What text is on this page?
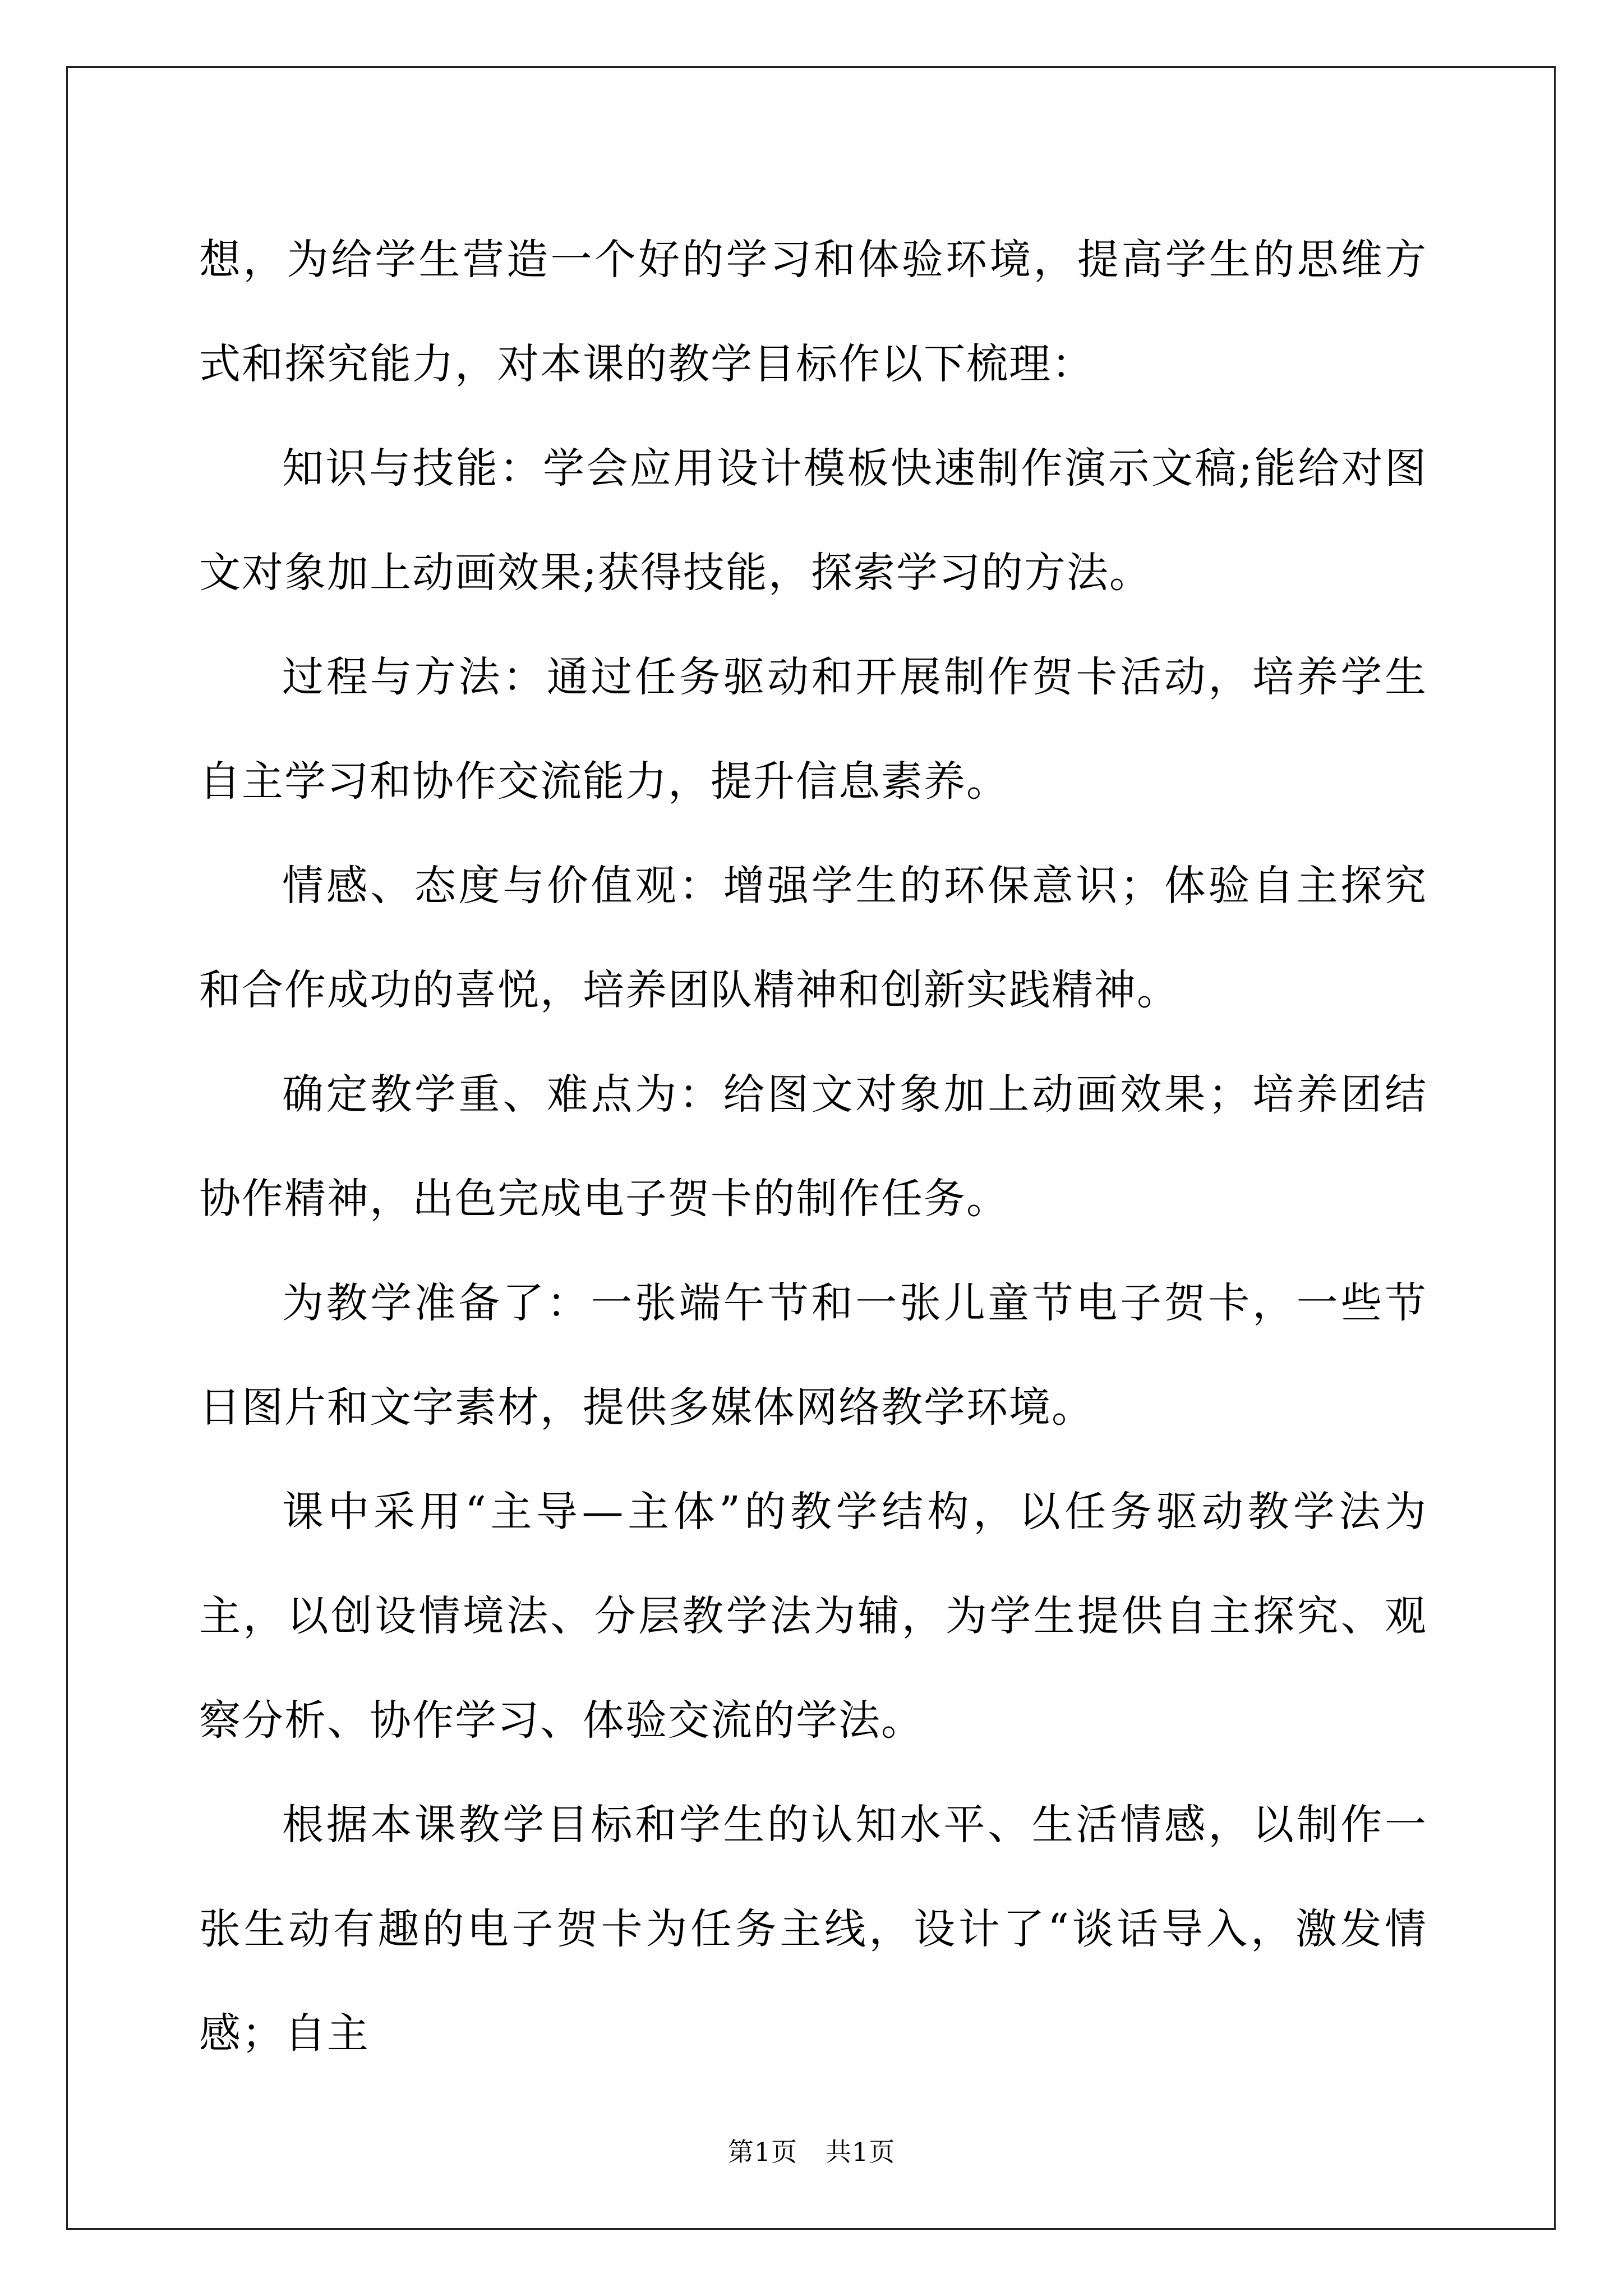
想，为给学生营造一个好的学习和体验环境，提高学生的思维方式和探究能力，对本课的教学目标作以下梳理：

知识与技能：学会应用设计模板快速制作演示文稿;能给对图文对象加上动画效果;获得技能，探索学习的方法。

过程与方法：通过任务驱动和开展制作贺卡活动，培养学生自主学习和协作交流能力，提升信息素养。

情感、态度与价值观：增强学生的环保意识；体验自主探究和合作成功的喜悦，培养团队精神和创新实践精神。

确定教学重、难点为：给图文对象加上动画效果；培养团结协作精神，出色完成电子贺卡的制作任务。

为教学准备了：一张端午节和一张儿童节电子贺卡，一些节日图片和文字素材，提供多媒体网络教学环境。

课中采用“主导—主体”的教学结构，以任务驱动教学法为主，以创设情境法、分层教学法为辅，为学生提供自主探究、观察分析、协作学习、体验交流的学法。

根据本课教学目标和学生的认知水平、生活情感，以制作一张生动有趣的电子贺卡为任务主线，设计了“谈话导入，激发情感；自主

第1页 共1页
